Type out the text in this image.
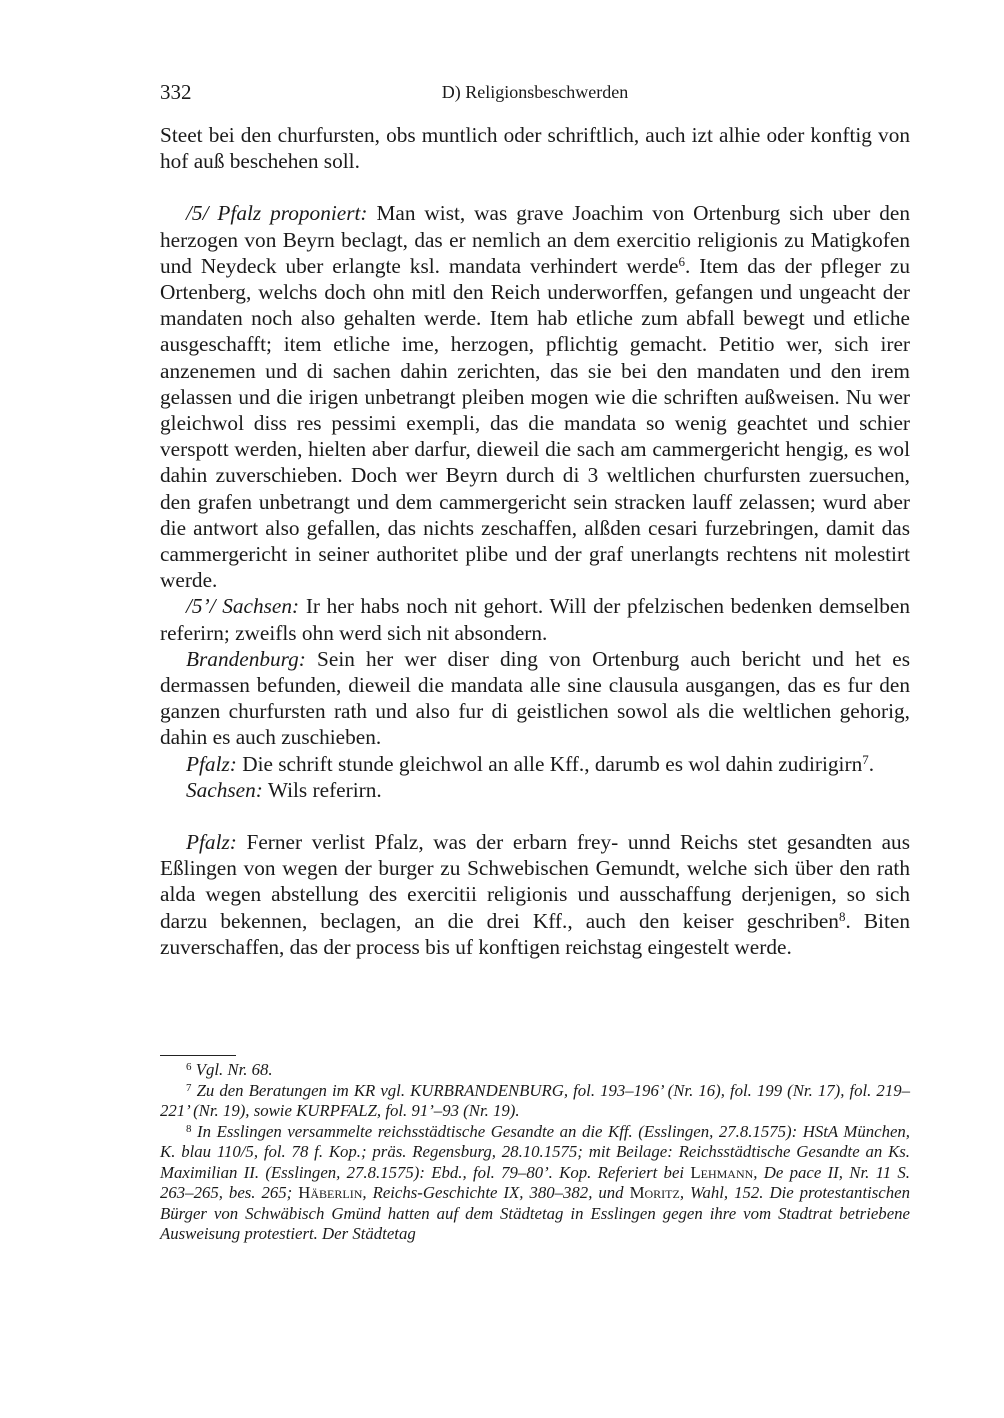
332	D) Religionsbeschwerden

Steet bei den churfursten, obs muntlich oder schriftlich, auch izt alhie oder konftig von hof auß beschehen soll.

/5/ Pfalz proponiert: Man wist, was grave Joachim von Ortenburg sich uber den herzogen von Beyrn beclagt, das er nemlich an dem exercitio religionis zu Matigkofen und Neydeck uber erlangte ksl. mandata verhindert werde$^6$. Item das der pfleger zu Ortenberg, welchs doch ohn mitl den Reich underworffen, gefangen und ungeacht der mandaten noch also gehalten werde. Item hab etliche zum abfall bewegt und etliche ausgeschafft; item etliche ime, herzogen, pflichtig gemacht. Petitio wer, sich irer anzenemen und di sachen dahin zerichten, das sie bei den mandaten und den irem gelassen und die irigen unbetrangt pleiben mogen wie die schriften außweisen. Nu wer gleichwol diss res pessimi exempli, das die mandata so wenig geachtet und schier verspott werden, hielten aber darfur, dieweil die sach am cammergericht hengig, es wol dahin zuverschieben. Doch wer Beyrn durch di 3 weltlichen churfursten zuersuchen, den grafen unbetrangt und dem cammergericht sein stracken lauff zelassen; wurd aber die antwort also gefallen, das nichts zeschaffen, alßden cesari furzebringen, damit das cammergericht in seiner authoritet plibe und der graf unerlangts rechtens nit molestirt werde.

/5’/ Sachsen: Ir her habs noch nit gehort. Will der pfelzischen bedenken demselben referirn; zweifls ohn werd sich nit absondern.

Brandenburg: Sein her wer diser ding von Ortenburg auch bericht und het es dermassen befunden, dieweil die mandata alle sine clausula ausgangen, das es fur den ganzen churfursten rath und also fur di geistlichen sowol als die weltlichen gehorig, dahin es auch zuschieben.

Pfalz: Die schrift stunde gleichwol an alle Kff., darumb es wol dahin zudirigirn$^7$.

Sachsen: Wils referirn.

Pfalz: Ferner verlist Pfalz, was der erbarn frey- unnd Reichs stet gesandten aus Eßlingen von wegen der burger zu Schwebischen Gemundt, welche sich über den rath alda wegen abstellung des exercitii religionis und ausschaffung derjenigen, so sich darzu bekennen, beclagen, an die drei Kff., auch den keiser geschriben$^8$. Biten zuverschaffen, das der process bis uf konftigen reichstag eingestelt werde.

$^6$ Vgl. Nr. 68.

$^7$ Zu den Beratungen im KR vgl. KURBRANDENBURG, fol. 193–196’ (Nr. 16), fol. 199 (Nr. 17), fol. 219–221’ (Nr. 19), sowie KURPFALZ, fol. 91’–93 (Nr. 19).

$^8$ In Esslingen versammelte reichsstädtische Gesandte an die Kff. (Esslingen, 27.8.1575): HStA München, K. blau 110/5, fol. 78 f. Kop.; präs. Regensburg, 28.10.1575; mit Beilage: Reichsstädtische Gesandte an Ks. Maximilian II. (Esslingen, 27.8.1575): Ebd., fol. 79–80’. Kop. Referiert bei Lehmann, De pace II, Nr. 11 S. 263–265, bes. 265; Häberlin, Reichs-Geschichte IX, 380–382, und Moritz, Wahl, 152. Die protestantischen Bürger von Schwäbisch Gmünd hatten auf dem Städtetag in Esslingen gegen ihre vom Stadtrat betriebene Ausweisung protestiert. Der Städtetag
